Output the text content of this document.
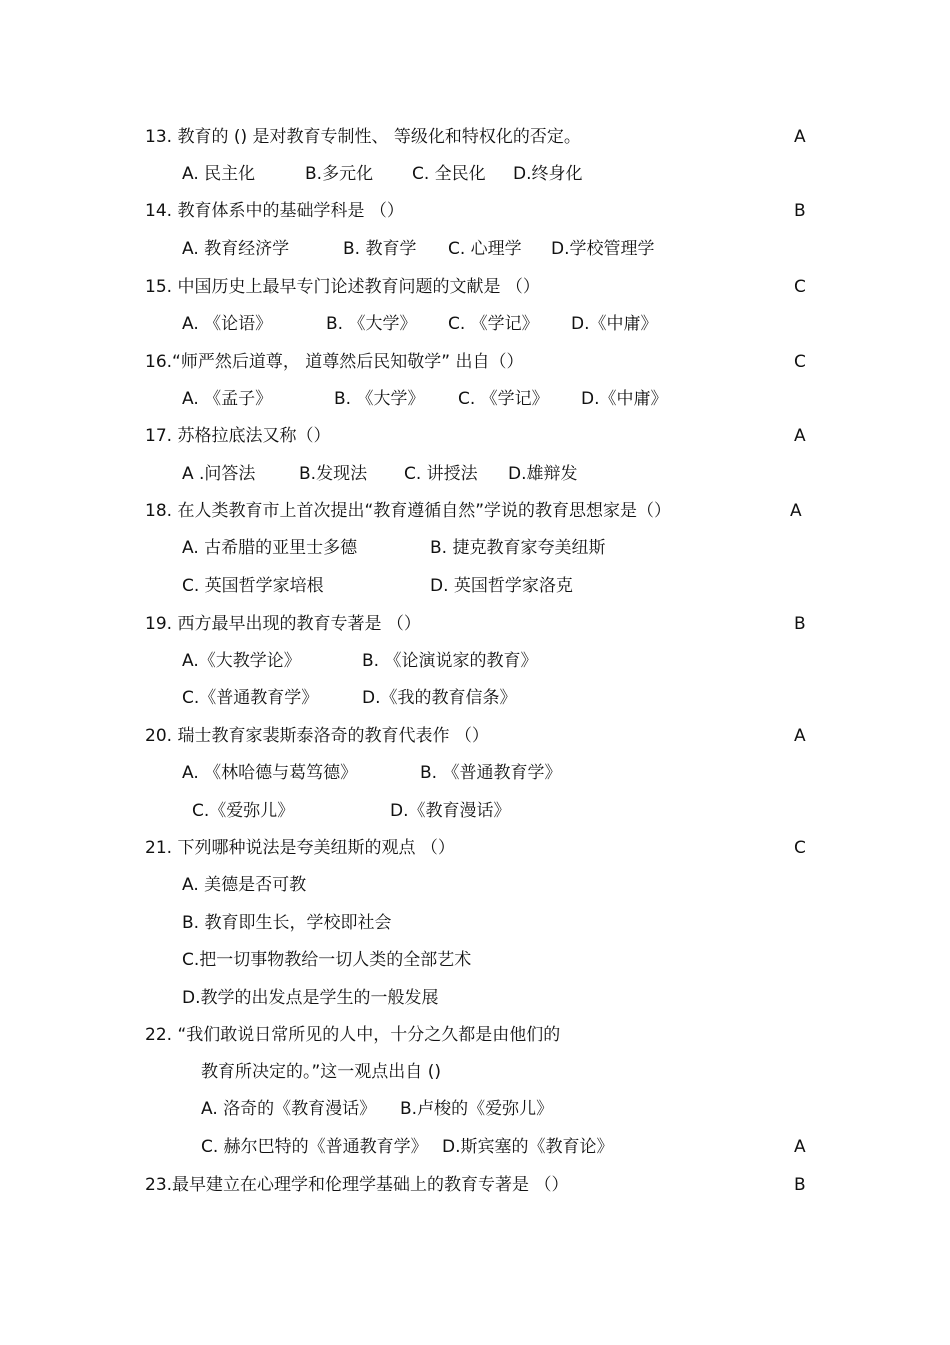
13. 教育的 () 是对教育专制性、 等级化和特权化的否定。	A
A. 民主化	B.多元化 C. 全民化 D.终身化
14. 教育体系中的基础学科是 （）	B
A. 教育经济学	B. 教育学 C. 心理学 D.学校管理学
15. 中国历史上最早专门论述教育问题的文献是 （）	C
A. 《论语》	B. 《大学》 C. 《学记》 D.《中庸》
16.“师严然后道尊， 道尊然后民知敬学” 出自（）	C
A. 《孟子》	B. 《大学》 C. 《学记》 D.《中庸》
17. 苏格拉底法又称（）	A
A .问答法	B.发现法 C. 讲授法 D.雄辩发
18. 在人类教育市上首次提出“教育遵循自然”学说的教育思想家是（）	A
A. 古希腊的亚里士多德	B. 捷克教育家夸美纽斯
C. 英国哲学家培根	D. 英国哲学家洛克
19. 西方最早出现的教育专著是 （）	B
A.《大教学论》	B. 《论演说家的教育》
C.《普通教育学》	D.《我的教育信条》
20. 瑞士教育家裴斯泰洛奇的教育代表作 （）	A
A. 《林哈德与葛笃德》	B. 《普通教育学》
C.《爱弥儿》	D.《教育漫话》
21. 下列哪种说法是夸美纽斯的观点 （）	C
A. 美德是否可教
B. 教育即生长，学校即社会
C.把一切事物教给一切人类的全部艺术
D.教学的出发点是学生的一般发展
22. “我们敢说日常所见的人中，十分之久都是由他们的
教育所决定的。”这一观点出自 ()
A. 洛奇的《教育漫话》 B.卢梭的《爱弥儿》
C. 赫尔巴特的《普通教育学》 D.斯宾塞的《教育论》	A
23.最早建立在心理学和伦理学基础上的教育专著是 （）	B
